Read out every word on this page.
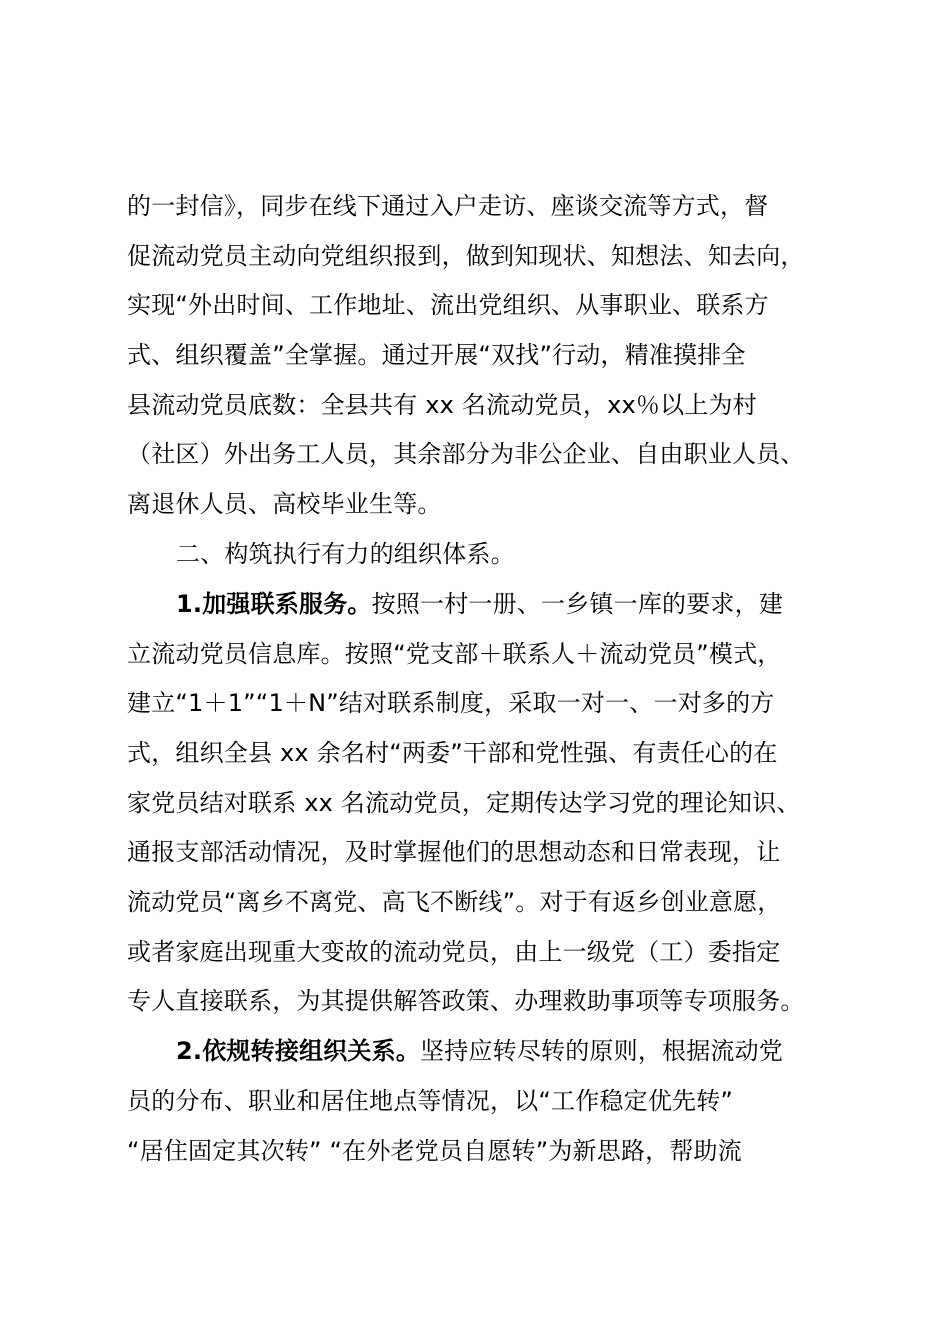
的一封信》，同步在线下通过入户走访、座谈交流等方式，督
促流动党员主动向党组织报到，做到知现状、知想法、知去向，
实现“外出时间、工作地址、流出党组织、从事职业、联系方
式、组织覆盖”全掌握。通过开展“双找”行动，精准摸排全
县流动党员底数：全县共有 xx 名流动党员，xx％以上为村
（社区）外出务工人员，其余部分为非公企业、自由职业人员、
离退休人员、高校毕业生等。
二、构筑执行有力的组织体系。
1.加强联系服务。按照一村一册、一乡镇一库的要求，建
立流动党员信息库。按照“党支部＋联系人＋流动党员”模式，
建立“1＋1”“1＋N”结对联系制度，采取一对一、一对多的方
式，组织全县 xx 余名村“两委”干部和党性强、有责任心的在
家党员结对联系 xx 名流动党员，定期传达学习党的理论知识、
通报支部活动情况，及时掌握他们的思想动态和日常表现，让
流动党员“离乡不离党、高飞不断线”。对于有返乡创业意愿，
或者家庭出现重大变故的流动党员，由上一级党（工）委指定
专人直接联系，为其提供解答政策、办理救助事项等专项服务。
2.依规转接组织关系。坚持应转尽转的原则，根据流动党
员的分布、职业和居住地点等情况，以“工作稳定优先转”
“居住固定其次转” “在外老党员自愿转”为新思路，帮助流
